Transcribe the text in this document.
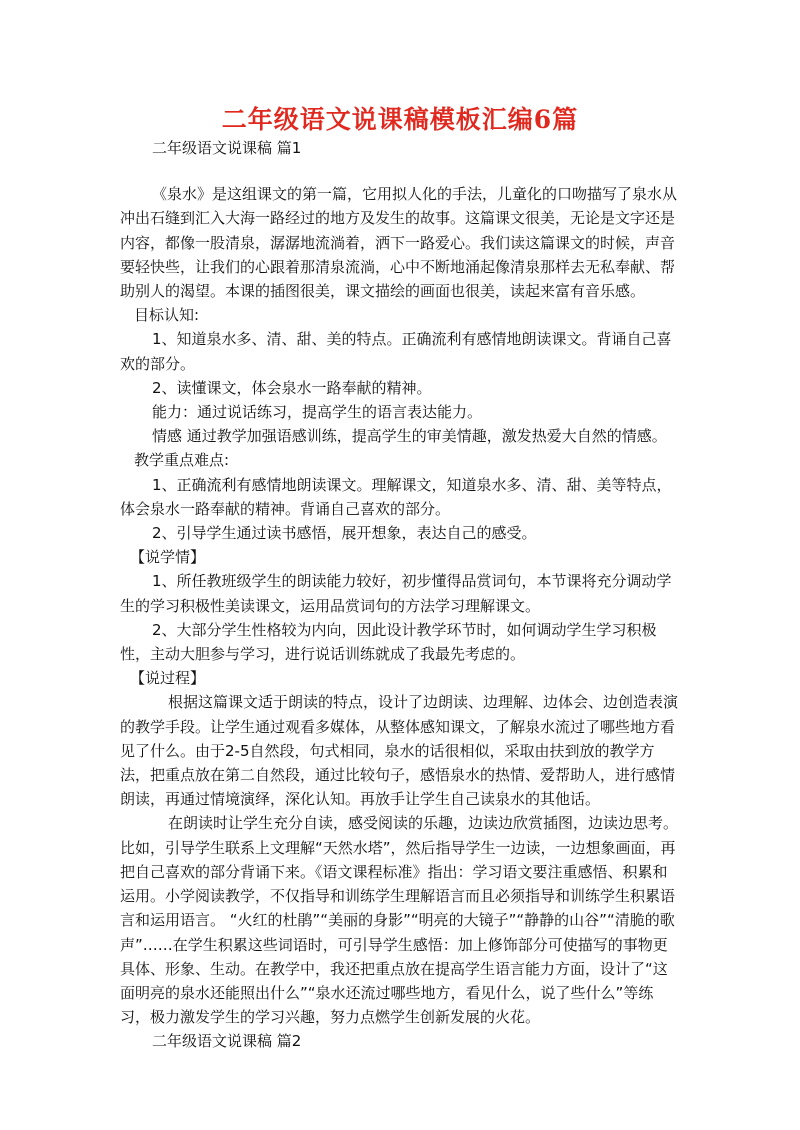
二年级语文说课稿模板汇编6篇

二年级语文说课稿 篇1

《泉水》是这组课文的第一篇，它用拟人化的手法，儿童化的口吻描写了泉水从冲出石缝到汇入大海一路经过的地方及发生的故事。这篇课文很美，无论是文字还是内容，都像一股清泉，潺潺地流淌着，洒下一路爱心。我们读这篇课文的时候，声音要轻快些，让我们的心跟着那清泉流淌，心中不断地涌起像清泉那样去无私奉献、帮助别人的渴望。本课的插图很美，课文描绘的画面也很美，读起来富有音乐感。

目标认知:

1、知道泉水多、清、甜、美的特点。正确流利有感情地朗读课文。背诵自己喜欢的部分。

2、读懂课文，体会泉水一路奉献的精神。

能力：通过说话练习，提高学生的语言表达能力。

情感 通过教学加强语感训练，提高学生的审美情趣，激发热爱大自然的情感。

教学重点难点:

1、正确流利有感情地朗读课文。理解课文，知道泉水多、清、甜、美等特点，体会泉水一路奉献的精神。背诵自己喜欢的部分。

2、引导学生通过读书感悟，展开想象，表达自己的感受。

【说学情】

1、所任教班级学生的朗读能力较好，初步懂得品赏词句，本节课将充分调动学生的学习积极性美读课文，运用品赏词句的方法学习理解课文。

2、大部分学生性格较为内向，因此设计教学环节时，如何调动学生学习积极性，主动大胆参与学习，进行说话训练就成了我最先考虑的。

【说过程】

根据这篇课文适于朗读的特点，设计了边朗读、边理解、边体会、边创造表演的教学手段。让学生通过观看多媒体，从整体感知课文，了解泉水流过了哪些地方看见了什么。由于2-5自然段，句式相同，泉水的话很相似，采取由扶到放的教学方法，把重点放在第二自然段，通过比较句子，感悟泉水的热情、爱帮助人，进行感情朗读，再通过情境演绎，深化认知。再放手让学生自己读泉水的其他话。

在朗读时让学生充分自读，感受阅读的乐趣，边读边欣赏插图，边读边思考。比如，引导学生联系上文理解“天然水塔”，然后指导学生一边读，一边想象画面，再把自己喜欢的部分背诵下来。《语文课程标准》指出：学习语文要注重感悟、积累和运用。小学阅读教学，不仅指导和训练学生理解语言而且必须指导和训练学生积累语言和运用语言。 “火红的杜鹃”“美丽的身影”“明亮的大镜子”“静静的山谷”“清脆的歌声”……在学生积累这些词语时，可引导学生感悟：加上修饰部分可使描写的事物更具体、形象、生动。在教学中，我还把重点放在提高学生语言能力方面，设计了“这面明亮的泉水还能照出什么”“泉水还流过哪些地方，看见什么，说了些什么”等练习，极力激发学生的学习兴趣，努力点燃学生创新发展的火花。

二年级语文说课稿 篇2
